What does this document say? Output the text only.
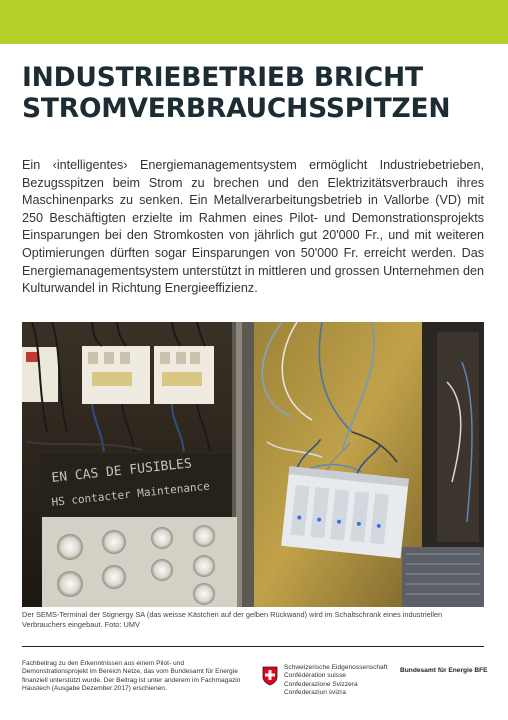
INDUSTRIEBETRIEB BRICHT
STROMVERBRAUCHSSPITZEN

Ein ‹intelligentes› Energiemanagementsystem ermöglicht Industriebetrieben, Bezugsspitzen beim Strom zu brechen und den Elektrizitätsverbrauch ihres Maschinenparks zu senken. Ein Metallverarbeitungsbetrieb in Vallorbe (VD) mit 250 Beschäftigten erzielte im Rahmen eines Pilot- und Demonstrationsprojekts Einsparungen bei den Stromkosten von jährlich gut 20'000 Fr., und mit weiteren Optimierungen dürften sogar Einsparungen von 50'000 Fr. erreicht werden. Das Energiemanagementsystem unterstützt in mittleren und grossen Unternehmen den Kulturwandel in Richtung Energieeffizienz.

EN CAS DE FUSIBLES
HS contacter Maintenance

Der SEMS-Terminal der Stignergy SA (das weisse Kästchen auf der gelben Rückwand) wird im Schaltschrank eines industriellen Verbrauchers eingebaut. Foto: UMV

Fachbeitrag zu den Erkenntnissen aus einem Pilot- und Demonstrationsprojekt im Bereich Netze, das vom Bundesamt für Energie finanziell unterstützt wurde. Der Beitrag ist unter anderem im Fachmagazin Haustech (Ausgabe Dezember 2017) erschienen.

Schweizerische Eidgenossenschaft
Confédération suisse
Confederazione Svizzera
Confederaziun svizra
Bundesamt für Energie BFE
